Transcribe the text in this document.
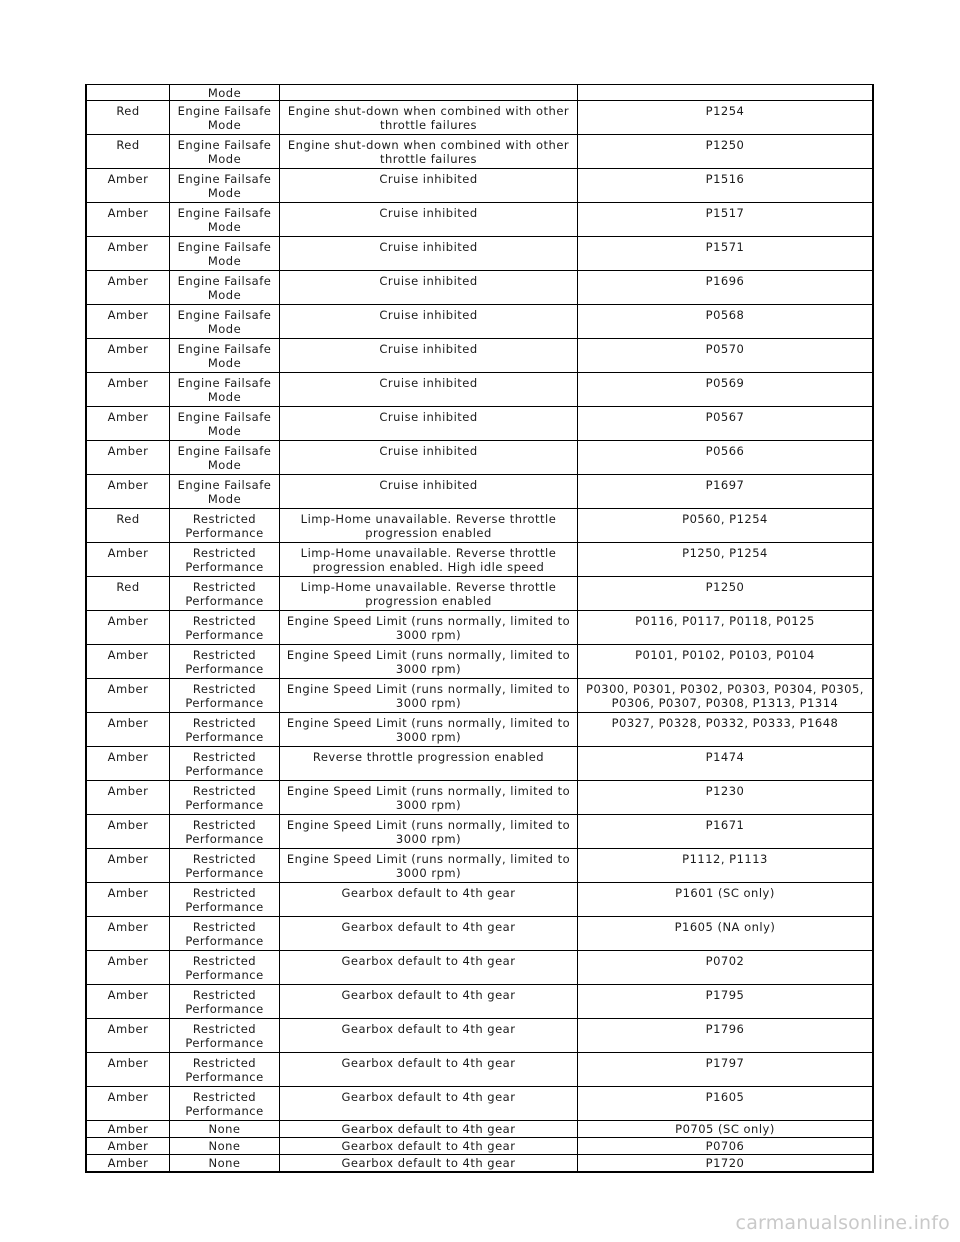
	Mode		
Red	Engine Failsafe Mode	Engine shut-down when combined with other throttle failures	P1254
Red	Engine Failsafe Mode	Engine shut-down when combined with other throttle failures	P1250
Amber	Engine Failsafe Mode	Cruise inhibited	P1516
Amber	Engine Failsafe Mode	Cruise inhibited	P1517
Amber	Engine Failsafe Mode	Cruise inhibited	P1571
Amber	Engine Failsafe Mode	Cruise inhibited	P1696
Amber	Engine Failsafe Mode	Cruise inhibited	P0568
Amber	Engine Failsafe Mode	Cruise inhibited	P0570
Amber	Engine Failsafe Mode	Cruise inhibited	P0569
Amber	Engine Failsafe Mode	Cruise inhibited	P0567
Amber	Engine Failsafe Mode	Cruise inhibited	P0566
Amber	Engine Failsafe Mode	Cruise inhibited	P1697
Red	Restricted Performance	Limp-Home unavailable. Reverse throttle progression enabled	P0560, P1254
Amber	Restricted Performance	Limp-Home unavailable. Reverse throttle progression enabled. High idle speed	P1250, P1254
Red	Restricted Performance	Limp-Home unavailable. Reverse throttle progression enabled	P1250
Amber	Restricted Performance	Engine Speed Limit (runs normally, limited to 3000 rpm)	P0116, P0117, P0118, P0125
Amber	Restricted Performance	Engine Speed Limit (runs normally, limited to 3000 rpm)	P0101, P0102, P0103, P0104
Amber	Restricted Performance	Engine Speed Limit (runs normally, limited to 3000 rpm)	P0300, P0301, P0302, P0303, P0304, P0305, P0306, P0307, P0308, P1313, P1314
Amber	Restricted Performance	Engine Speed Limit (runs normally, limited to 3000 rpm)	P0327, P0328, P0332, P0333, P1648
Amber	Restricted Performance	Reverse throttle progression enabled	P1474
Amber	Restricted Performance	Engine Speed Limit (runs normally, limited to 3000 rpm)	P1230
Amber	Restricted Performance	Engine Speed Limit (runs normally, limited to 3000 rpm)	P1671
Amber	Restricted Performance	Engine Speed Limit (runs normally, limited to 3000 rpm)	P1112, P1113
Amber	Restricted Performance	Gearbox default to 4th gear	P1601 (SC only)
Amber	Restricted Performance	Gearbox default to 4th gear	P1605 (NA only)
Amber	Restricted Performance	Gearbox default to 4th gear	P0702
Amber	Restricted Performance	Gearbox default to 4th gear	P1795
Amber	Restricted Performance	Gearbox default to 4th gear	P1796
Amber	Restricted Performance	Gearbox default to 4th gear	P1797
Amber	Restricted Performance	Gearbox default to 4th gear	P1605
Amber	None	Gearbox default to 4th gear	P0705 (SC only)
Amber	None	Gearbox default to 4th gear	P0706
Amber	None	Gearbox default to 4th gear	P1720
carmanualsonline.info
